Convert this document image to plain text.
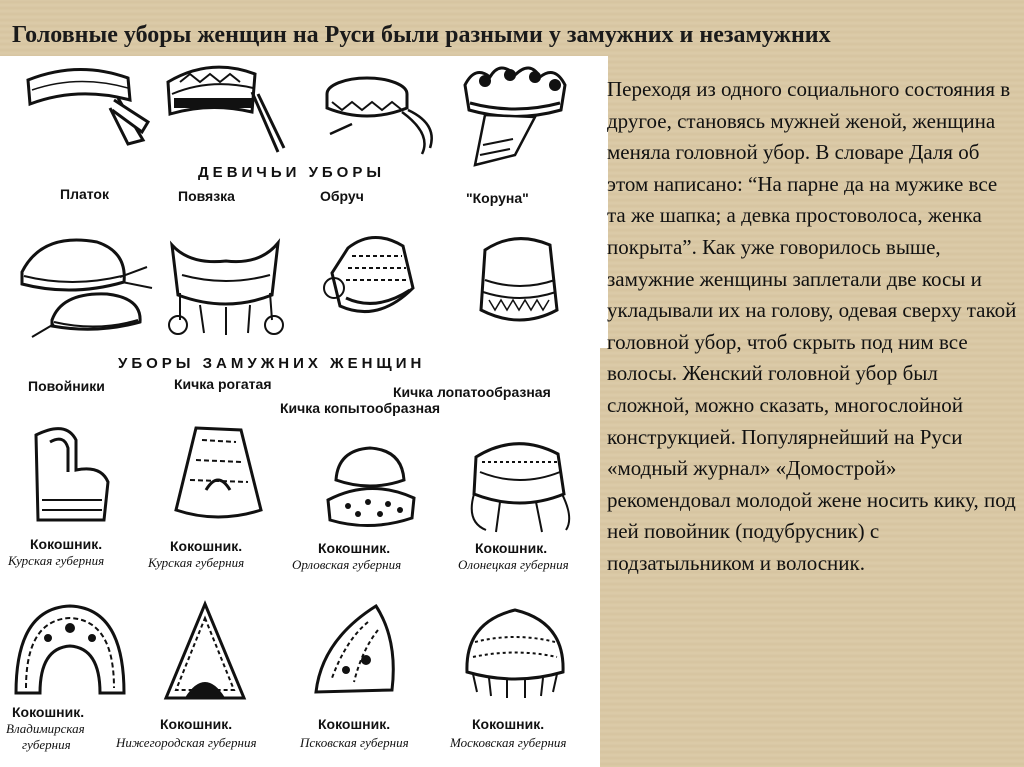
Головные уборы женщин на Руси были разными у замужних и незамужних
ДЕВИЧЬИ УБОРЫ
Платок	Повязка	Обруч	"Коруна"
УБОРЫ ЗАМУЖНИХ ЖЕНЩИН
Повойники	Кичка рогатая	Кичка лопатообразная
Кичка копытообразная
Кокошник.
Курская губерния
Кокошник.
Курская губерния
Кокошник.
Орловская губерния
Кокошник.
Олонецкая губерния
Кокошник.
Владимирская
губерния
Кокошник.
Нижегородская губерния
Кокошник.
Псковская губерния
Кокошник.
Московская губерния
Переходя из одного социального состояния в другое, становясь мужней женой, женщина меняла головной убор. В словаре Даля об этом написано: “На парне да на мужике все та же шапка; а девка простоволоса, женка покрыта”. Как уже говорилось выше, замужние женщины заплетали две косы и укладывали их на голову, одевая сверху такой головной убор, чтоб скрыть под ним все волосы. Женский головной убор был сложной, можно сказать, многослойной конструкцией. Популярнейший на Руси «модный журнал» «Домострой» рекомендовал молодой жене носить кику, под ней повойник (подубрусник) с подзатыльником и волосник.
